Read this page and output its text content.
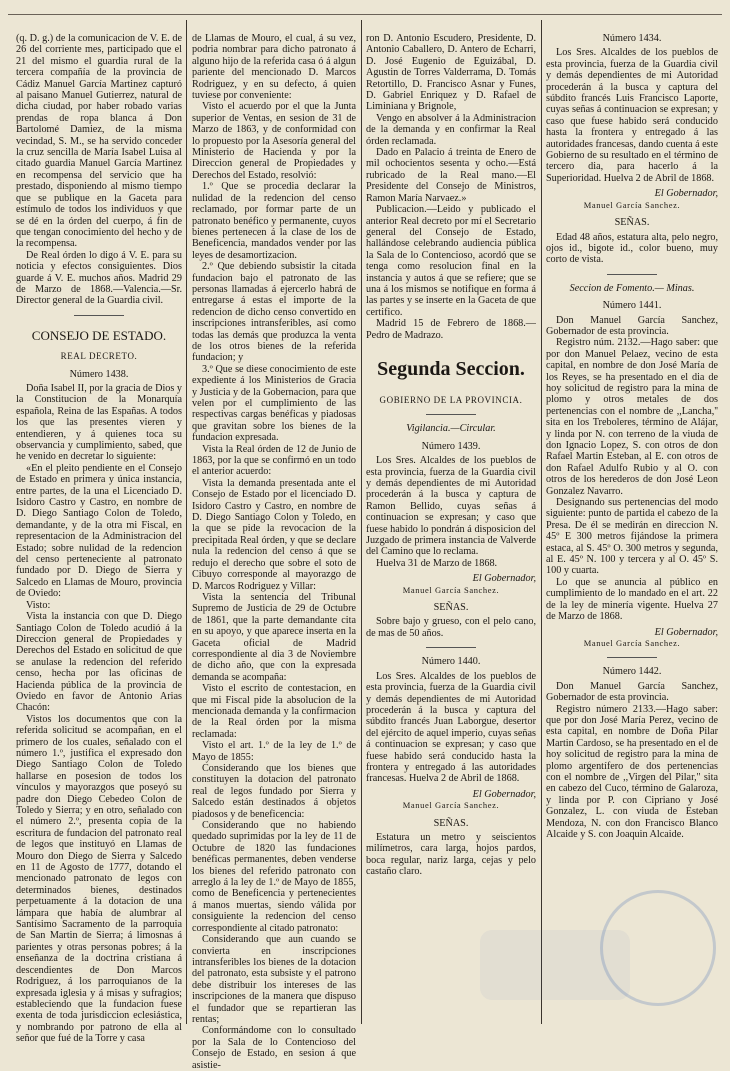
(q. D. g.) de la comunicacion de V. E. de 26 del corriente mes, participado que el 21 del mismo el guardia rural de la tercera compañía de la provincia de Cádiz Manuel García Martinez capturó al paisano Manuel Gutierrez, natural de dicha ciudad, por haber robado varias prendas de ropa blanca á Don Bartolomé Damiez, de la misma vecindad, S. M., se ha servido conceder la cruz sencilla de María Isabel Luisa al citado guardia Manuel García Martinez en recompensa del servicio que ha prestado, disponiendo al mismo tiempo que se publique en la Gaceta para estímulo de todos los individuos y que se dé en la órden del cuerpo, á fin de que tengan conocimiento del hecho y de la recompensa.

De Real órden lo digo á V. E. para su noticia y efectos consiguientes. Dios guarde á V. E. muchos años. Madrid 29 de Marzo de 1868.—Valencia.—Sr. Director general de la Guardia civil.

CONSEJO DE ESTADO.
REAL DECRETO.
Número 1438.

Doña Isabel II, por la gracia de Dios y la Constitucion de la Monarquía española, Reina de las Españas. A todos los que las presentes vieren y entendieren, y á quienes toca su observancia y cumplimiento, sabed, que he venido en decretar lo siguiente:

«En el pleito pendiente en el Consejo de Estado en primera y única instancia, entre partes, de la una el Licenciado D. Isidoro Castro y Castro, en nombre de D. Diego Santiago Colon de Toledo, demandante, y de la otra mi Fiscal, en representacion de la Administracion del Estado; sobre nulidad de la redencion del censo perteneciente al patronato fundado por D. Diego de Sierra y Salcedo en Llamas de Mouro, provincia de Oviedo:

Visto:

Vista la instancia con que D. Diego Santiago Colon de Toledo acudió á la Direccion general de Propiedades y Derechos del Estado en solicitud de que se anulase la redencion del referido censo, hecha por las oficinas de Hacienda pública de la provincia de Oviedo en favor de Antonio Arias Chacón:

Vistos los documentos que con la referida solicitud se acompañan, en el primero de los cuales, señalado con el número 1.º, justifica el expresado don Diego Santiago Colon de Toledo hallarse en posesion de todos los vínculos y mayorazgos que poseyó su padre don Diego Cebedeo Colon de Toledo y Sierra; y en otro, señalado con el número 2.º, presenta copia de la escritura de fundacion del patronato real de legos que instituyó en Llamas de Mouro don Diego de Sierra y Salcedo en 11 de Agosto de 1777, dotando el mencionado patronato de legos con determinados bienes, destinados perpetuamente á la dotacion de una lámpara que había de alumbrar al Santísimo Sacramento de la parroquia de San Martin de Sierra; á limosnas á parientes y otras personas pobres; á la enseñanza de la doctrina cristiana á descendientes de Don Marcos Rodriguez, á los parroquianos de la expresada iglesia y á misas y sufragios; estableciendo que la fundacion fuese exenta de toda jurisdiccion eclesiástica, y nombrando por patrono de ella al señor que fué de la Torre y casa

de Llamas de Mouro, el cual, á su vez, podria nombrar para dicho patronato á alguno hijo de la referida casa ó á algun pariente del mencionado D. Marcos Rodriguez, y en su defecto, á quien tuviese por conveniente:

Visto el acuerdo por el que la Junta superior de Ventas, en sesion de 31 de Marzo de 1863, y de conformidad con lo propuesto por la Asesoría general del Ministerio de Hacienda y por la Direccion general de Propiedades y Derechos del Estado, resolvió:

1.º Que se procedia declarar la nulidad de la redencion del censo reclamado, por formar parte de un patronato benéfico y permanente, cuyos bienes pertenecen á la clase de los de Beneficencia, mandados vender por las leyes de desamortizacion.

2.º Que debiendo subsistir la citada fundacion bajo el patronato de las personas llamadas á ejercerlo habrá de entregarse á estas el importe de la redencion de dicho censo convertido en inscripciones intransferibles, así como todas las demás que produzca la venta de los otros bienes de la referida fundacion; y

3.º Que se diese conocimiento de este expediente á los Ministerios de Gracia y Justicia y de la Gobernacion, para que velen por el cumplimiento de las respectivas cargas benéficas y piadosas que gravitan sobre los bienes de la fundacion expresada.

Vista la Real órden de 12 de Junio de 1863, por la que se confirmó en un todo el anterior acuerdo:

Vista la demanda presentada ante el Consejo de Estado por el licenciado D. Isidoro Castro y Castro, en nombre de D. Diego Santiago Colon y Toledo, en la que se pide la revocacion de la precipitada Real órden, y que se declare nula la redencion del censo á que se redujo el derecho que sobre el soto de Cibuyo corresponde al mayorazgo de D. Marcos Rodriguez y Villar:

Vista la sentencia del Tribunal Supremo de Justicia de 29 de Octubre de 1861, que la parte demandante cita en su apoyo, y que aparece inserta en la Gaceta oficial de Madrid correspondiente al dia 3 de Noviembre de dicho año, que con la expresada demanda se acompaña:

Visto el escrito de contestacion, en que mi Fiscal pide la absolucion de la mencionada demanda y la confirmacion de la Real órden por la misma reclamada:

Visto el art. 1.º de la ley de 1.º de Mayo de 1855:

Considerando que los bienes que constituyen la dotacion del patronato real de legos fundado por Sierra y Salcedo están destinados á objetos piadosos y de beneficencia:

Considerando que no habiendo quedado suprimidas por la ley de 11 de Octubre de 1820 las fundaciones benéficas permanentes, deben venderse los bienes del referido patronato con arreglo á la ley de 1.º de Mayo de 1855, como de Beneficencia y pertenecientes á manos muertas, siendo válida por consiguiente la redencion del censo correspondiente al citado patronato:

Considerando que aun cuando se convierta en inscripciones intransferibles los bienes de la dotacion del patronato, esta subsiste y el patrono debe distribuir los intereses de las inscripciones de la manera que dispuso el fundador que se repartieran las rentas;

Conformándome con lo consultado por la Sala de lo Contencioso del Consejo de Estado, en sesion á que asistie-

ron D. Antonio Escudero, Presidente, D. Antonio Caballero, D. Antero de Echarri, D. José Eugenio de Eguizábal, D. Agustin de Torres Valderrama, D. Tomás Retortillo, D. Francisco Asnar y Funes, D. Gabriel Enriquez y D. Rafael de Liminiana y Brignole,

Vengo en absolver á la Administracion de la demanda y en confirmar la Real órden reclamada.

Dado en Palacio á treinta de Enero de mil ochocientos sesenta y ocho.—Está rubricado de la Real mano.—El Presidente del Consejo de Ministros, Ramon María Narvaez.»

Publicacion.—Leido y publicado el anterior Real decreto por mí el Secretario general del Consejo de Estado, hallándose celebrando audiencia pública la Sala de lo Contencioso, acordó que se tenga como resolucion final en la instancia y autos á que se refiere; que se una á los mismos se notifique en forma á las partes y se inserte en la Gaceta de que certifico.

Madrid 15 de Febrero de 1868.—Pedro de Madrazo.

Segunda Seccion.
GOBIERNO DE LA PROVINCIA.
Vigilancia.—Circular.
Número 1439.

Los Sres. Alcaldes de los pueblos de esta provincia, fuerza de la Guardia civil y demás dependientes de mi Autoridad procederán á la busca y captura de Ramon Bellido, cuyas señas á continuacion se expresan; y caso que fuese habido lo pondrán á disposicion del Juzgado de primera instancia de Valverde del Camino que lo reclama.

Huelva 31 de Marzo de 1868.

El Gobernador,
Manuel García Sanchez.
SEÑAS.

Sobre bajo y grueso, con el pelo cano, de mas de 50 años.

Número 1440.

Los Sres. Alcaldes de los pueblos de esta provincia, fuerza de la Guardia civil y demás dependientes de mi Autoridad procederán á la busca y captura del súbdito francés Juan Laborgue, desertor del ejército de aquel imperio, cuyas señas á continuacion se expresan; y caso que fuese habido será conducido hasta la frontera y entregado á las autoridades francesas. Huelva 2 de Abril de 1868.

El Gobernador,
Manuel García Sanchez.
SEÑAS.

Estatura un metro y seiscientos milímetros, cara larga, hojos pardos, boca regular, nariz larga, cejas y pelo castaño claro.

Número 1434.

Los Sres. Alcaldes de los pueblos de esta provincia, fuerza de la Guardia civil y demás dependientes de mi Autoridad procederán á la busca y captura del súbdito francés Luis Francisco Laporte, cuyas señas á continuacion se expresan; y caso que fuese habido será conducido hasta la frontera y entregado á las autoridades francesas, dando cuenta á este Gobierno de su resultado en el término de tercero dia, para hacerlo á la Superioridad. Huelva 2 de Abril de 1868.

El Gobernador,
Manuel García Sanchez.
SEÑAS.

Edad 48 años, estatura alta, pelo negro, ojos id., bigote id., color bueno, muy corto de vista.

Seccion de Fomento.— Minas.
Número 1441.

Don Manuel García Sanchez, Gobernador de esta provincia.

Registro núm. 2132.—Hago saber: que por don Manuel Pelaez, vecino de esta capital, en nombre de don José María de los Reyes, se ha presentado en el dia de hoy solicitud de registro para la mina de plomo y otros metales de dos pertenencias con el nombre de ,,Lancha,'' sita en los Treboleres, término de Alájar, y linda por N. con terreno de la viuda de don Ignacio Lopez, S. con otros de don Rafael Martin Esteban, al E. con otros de don Rafael Adulfo Rubio y al O. con otros de los herederos de don José Leon Gonzalez Navarro.

Designando sus pertenencias del modo siguiente: punto de partida el cabezo de la Presa. De él se medirán en direccion N. 45º E 300 metros fijándose la primera estaca, al S. 45º O. 300 metros y segunda, al E. 45º N. 100 y tercera y al O. 45º S. 100 y cuarta.

Lo que se anuncia al público en cumplimiento de lo mandado en el art. 22 de la ley de minería vigente. Huelva 27 de Marzo de 1868.

El Gobernador,
Manuel García Sanchez.
Número 1442.

Don Manuel García Sanchez, Gobernador de esta provincia.

Registro número 2133.—Hago saber: que por don José María Perez, vecino de esta capital, en nombre de Doña Pilar Martin Cardoso, se ha presentado en el de hoy solicitud de registro para la mina de plomo argentífero de dos pertenencias con el nombre de ,,Virgen del Pilar,'' sita en cabezo del Cuco, término de Galaroza, y linda por P. con Cipriano y José Gonzalez, L. con viuda de Esteban Mendoza, N. con don Francisco Blanco Alcaide y S. con Joaquin Alcaide.
